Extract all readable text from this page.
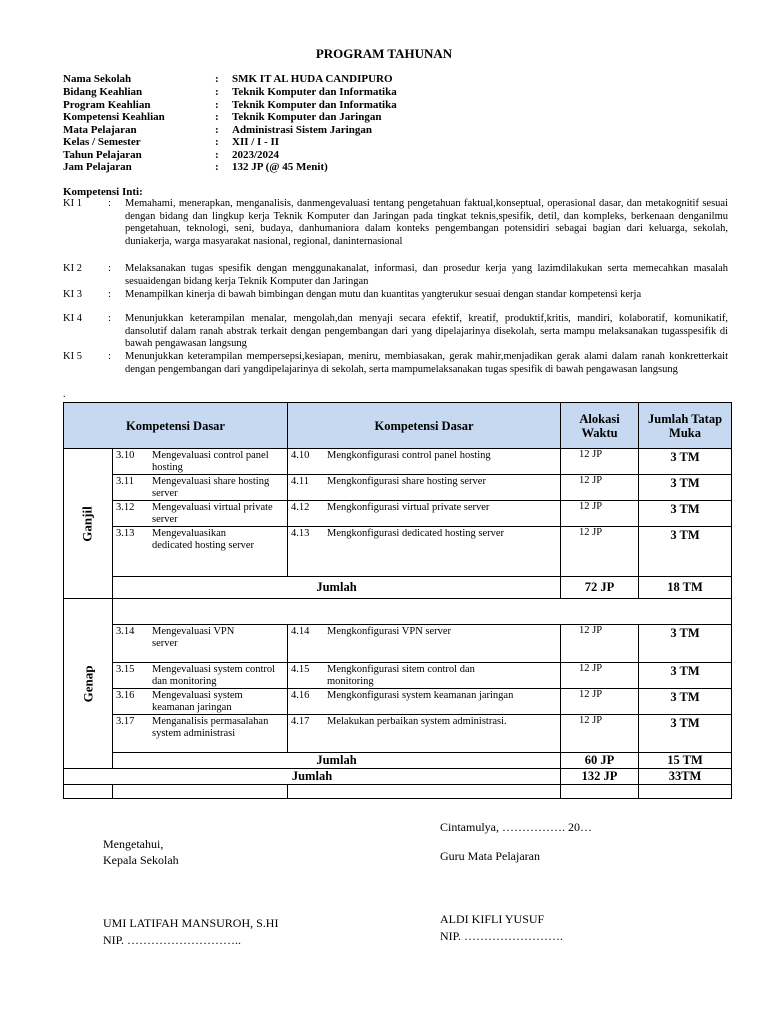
PROGRAM TAHUNAN
Nama Sekolah	: SMK IT AL HUDA CANDIPURO
Bidang Keahlian	: Teknik Komputer dan Informatika
Program Keahlian	: Teknik Komputer dan Informatika
Kompetensi Keahlian	: Teknik Komputer dan Jaringan
Mata Pelajaran	: Administrasi Sistem Jaringan
Kelas / Semester	: XII / I - II
Tahun Pelajaran	: 2023/2024
Jam Pelajaran	: 132 JP (@ 45 Menit)
Kompetensi Inti:
KI 1 : Memahami, menerapkan, menganalisis, danmengevaluasi tentang pengetahuan faktual,konseptual, operasional dasar, dan metakognitif sesuai dengan bidang dan lingkup kerja Teknik Komputer dan Jaringan pada tingkat teknis,spesifik, detil, dan kompleks, berkenaan denganilmu pengetahuan, teknologi, seni, budaya, danhumaniora dalam konteks pengembangan potensidiri sebagai bagian dari keluarga, sekolah, duniakerja, warga masyarakat nasional, regional, daninternasional
KI 2 : Melaksanakan tugas spesifik dengan menggunakanalat, informasi, dan prosedur kerja yang lazimdilakukan serta memecahkan masalah sesuaidengan bidang kerja Teknik Komputer dan Jaringan
KI 3 : Menampilkan kinerja di bawah bimbingan dengan mutu dan kuantitas yangterukur sesuai dengan standar kompetensi kerja
KI 4 : Menunjukkan keterampilan menalar, mengolah,dan menyaji secara efektif, kreatif, produktif,kritis, mandiri, kolaboratif, komunikatif, dansolutif dalam ranah abstrak terkait dengan pengembangan dari yang dipelajarinya disekolah, serta mampu melaksanakan tugasspesifik di bawah pengawasan langsung
KI 5 : Menunjukkan keterampilan mempersepsi,kesiapan, meniru, membiasakan, gerak mahir,menjadikan gerak alami dalam ranah konkretterkait dengan pengembangan dari yangdipelajarinya di sekolah, serta mampumelaksanakan tugas spesifik di bawah pengawasan langsung
.
Kompetensi Dasar		Kompetensi Dasar	Alokasi Waktu	Jumlah Tatap Muka
Ganjil	3.10 Mengevaluasi control panel hosting	4.10 Mengkonfigurasi control panel hosting	12 JP	3 TM
	3.11 Mengevaluasi share hosting server	4.11 Mengkonfigurasi share hosting server	12 JP	3 TM
	3.12 Mengevaluasi virtual private server	4.12 Mengkonfigurasi virtual private server	12 JP	3 TM
	3.13 Mengevaluasikan dedicated hosting server	4.13 Mengkonfigurasi dedicated hosting server	12 JP	3 TM
	Jumlah		72 JP	18 TM
Genap				
	3.14 Mengevaluasi VPN server	4.14 Mengkonfigurasi VPN server	12 JP	3 TM
	3.15 Mengevaluasi system control dan monitoring	4.15 Mengkonfigurasi sitem control dan monitoring	12 JP	3 TM
	3.16 Mengevaluasi system keamanan jaringan	4.16 Mengkonfigurasi system keamanan jaringan	12 JP	3 TM
	3.17 Menganalisis permasalahan system administrasi	4.17 Melakukan perbaikan system administrasi.	12 JP	3 TM
	Jumlah		60 JP	15 TM
Jumlah			132 JP	33TM

Cintamulya, ……………. 20…
Mengetahui,
Kepala Sekolah	Guru Mata Pelajaran
UMI LATIFAH MANSUROH, S.HI
NIP. ………………………..
ALDI KIFLI YUSUF
NIP. …………………….
